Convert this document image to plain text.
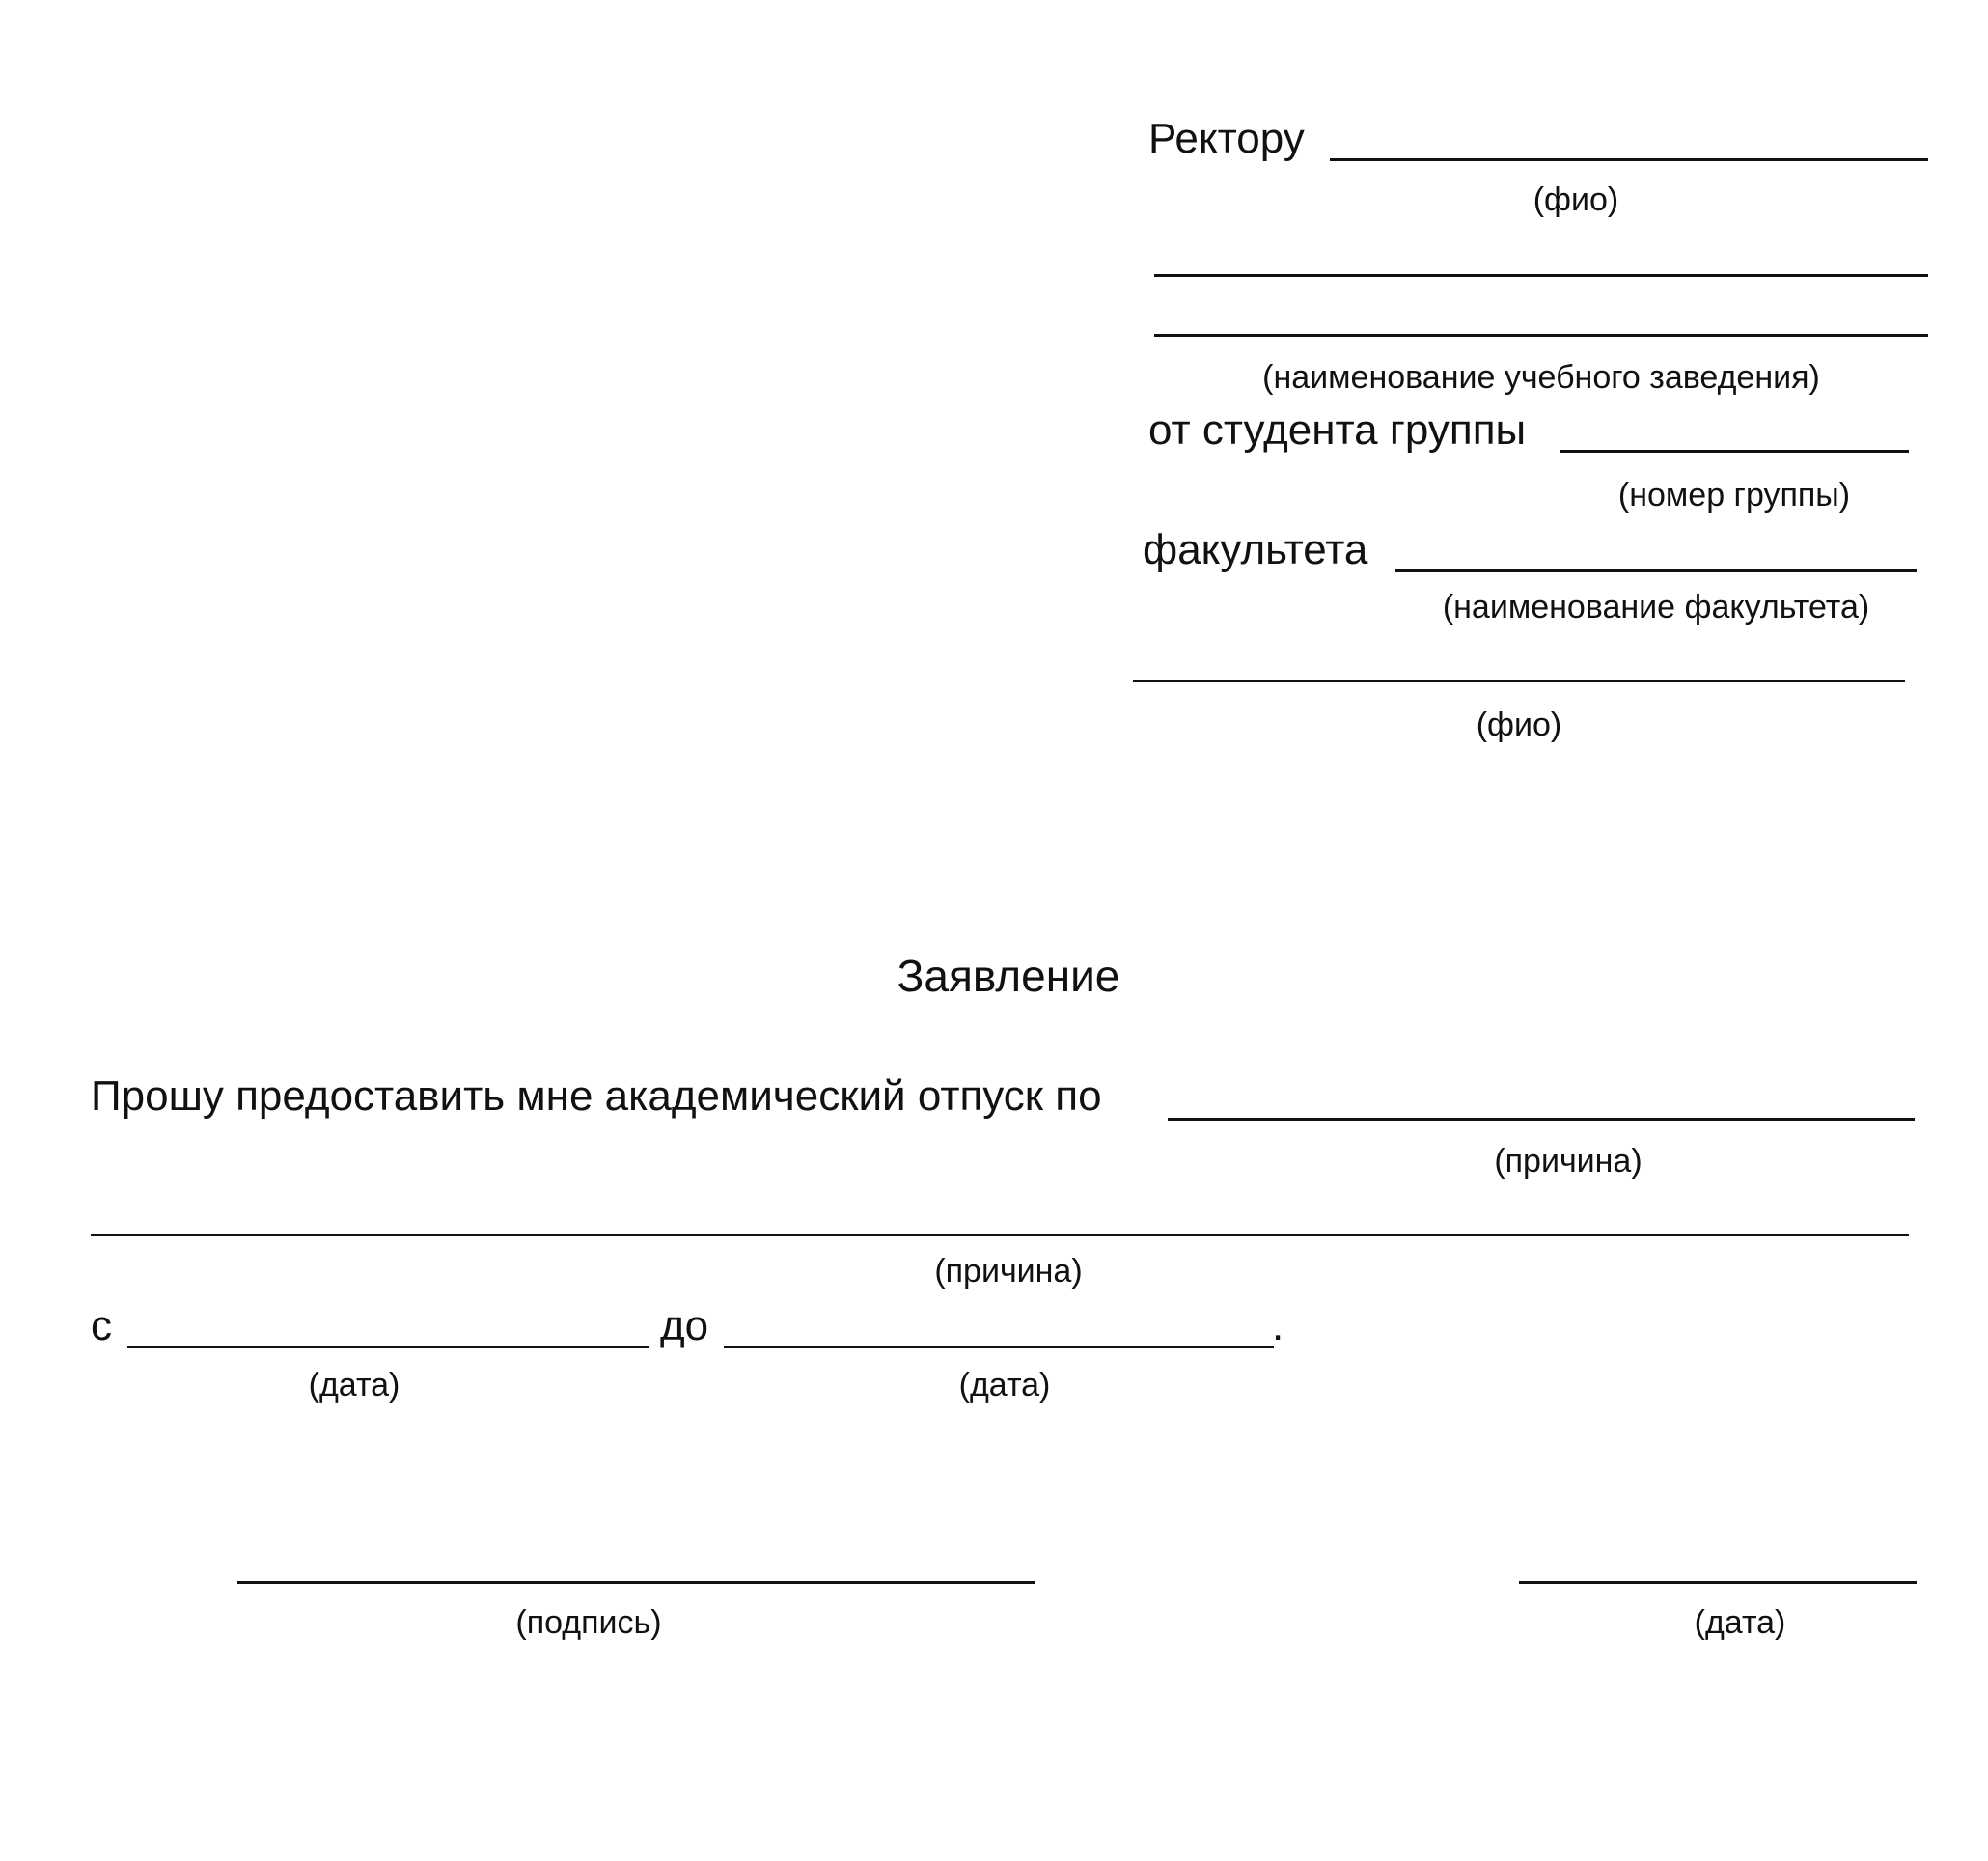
Ректору
(фио)
(наименование учебного заведения)
от студента группы
(номер группы)
факультета
(наименование факультета)
(фио)
Заявление
Прошу предоставить мне академический отпуск по
(причина)
(причина)
с	до	.
(дата)	(дата)
(подпись)	(дата)
